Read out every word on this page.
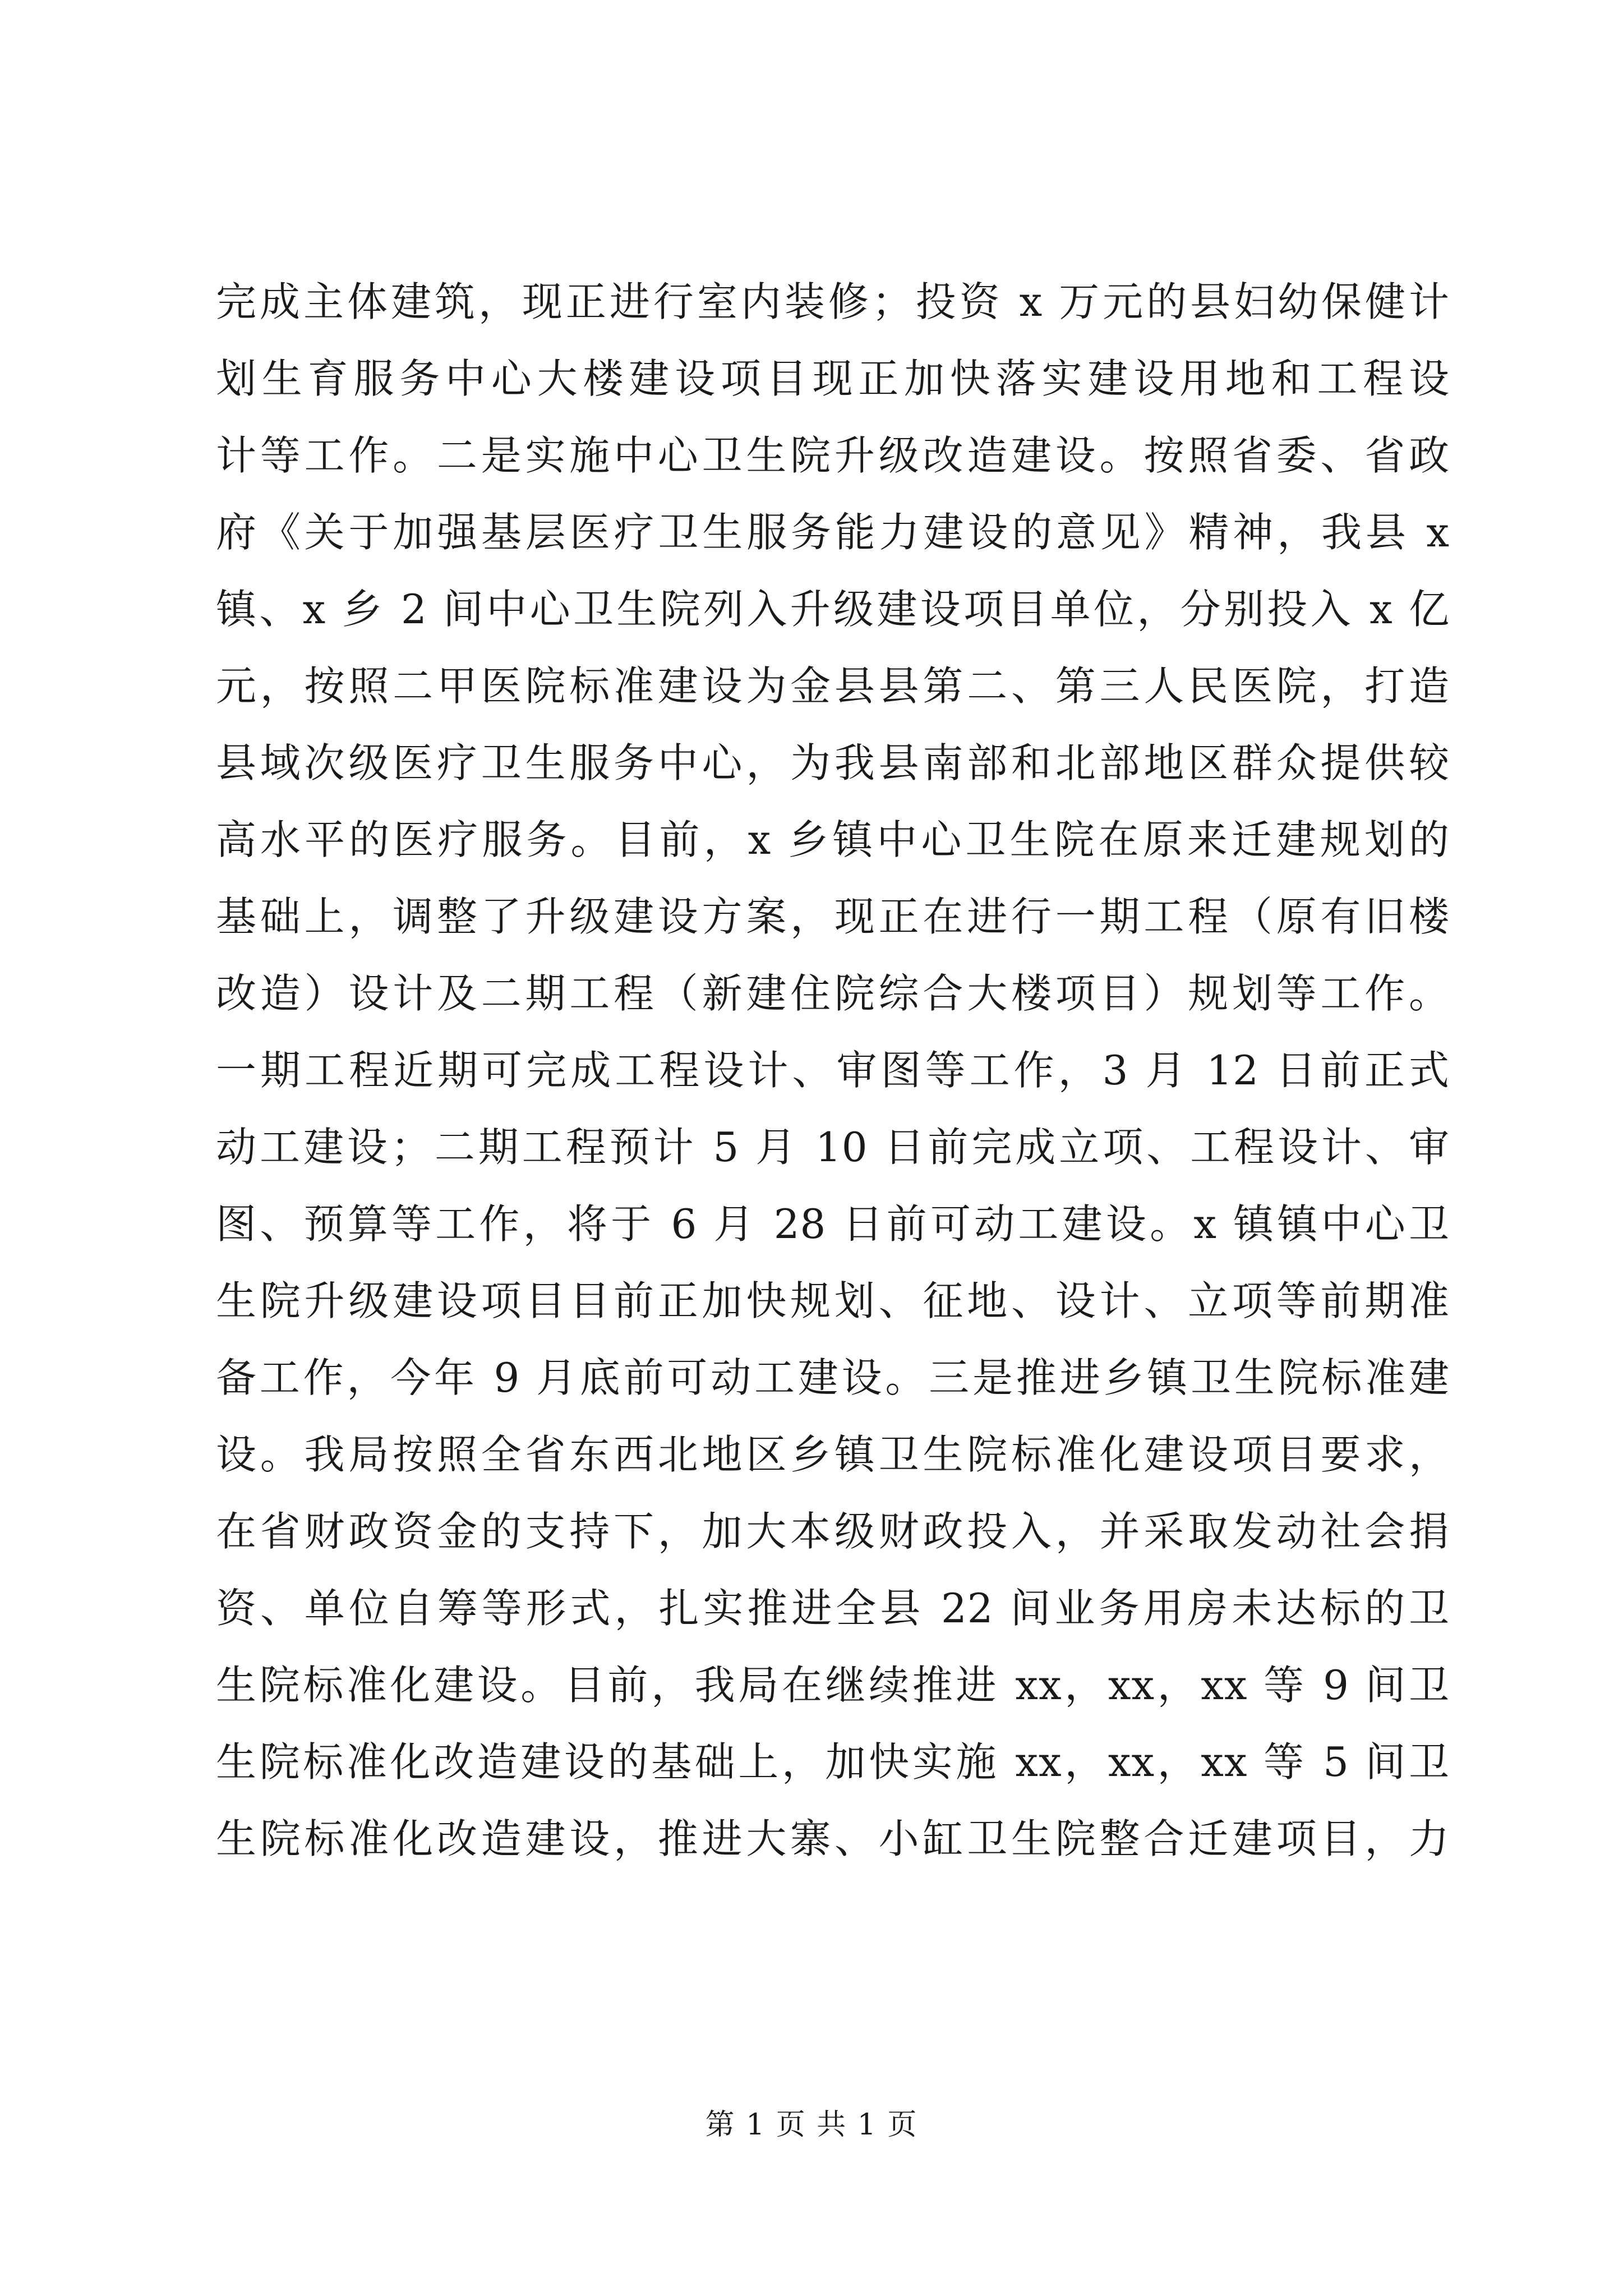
完成主体建筑，现正进行室内装修；投资 x 万元的县妇幼保健计
划生育服务中心大楼建设项目现正加快落实建设用地和工程设
计等工作。二是实施中心卫生院升级改造建设。按照省委、省政
府《关于加强基层医疗卫生服务能力建设的意见》精神，我县 x
镇、x 乡 2 间中心卫生院列入升级建设项目单位，分别投入 x 亿
元，按照二甲医院标准建设为金县县第二、第三人民医院，打造
县域次级医疗卫生服务中心，为我县南部和北部地区群众提供较
高水平的医疗服务。目前，x 乡镇中心卫生院在原来迁建规划的
基础上，调整了升级建设方案，现正在进行一期工程（原有旧楼
改造）设计及二期工程（新建住院综合大楼项目）规划等工作。
一期工程近期可完成工程设计、审图等工作，3 月 12 日前正式
动工建设；二期工程预计 5 月 10 日前完成立项、工程设计、审
图、预算等工作，将于 6 月 28 日前可动工建设。x 镇镇中心卫
生院升级建设项目目前正加快规划、征地、设计、立项等前期准
备工作，今年 9 月底前可动工建设。三是推进乡镇卫生院标准建
设。我局按照全省东西北地区乡镇卫生院标准化建设项目要求，
在省财政资金的支持下，加大本级财政投入，并采取发动社会捐
资、单位自筹等形式，扎实推进全县 22 间业务用房未达标的卫
生院标准化建设。目前，我局在继续推进 xx，xx，xx 等 9 间卫
生院标准化改造建设的基础上，加快实施 xx，xx，xx 等 5 间卫
生院标准化改造建设，推进大寨、小缸卫生院整合迁建项目，力
第 1 页 共 1 页
